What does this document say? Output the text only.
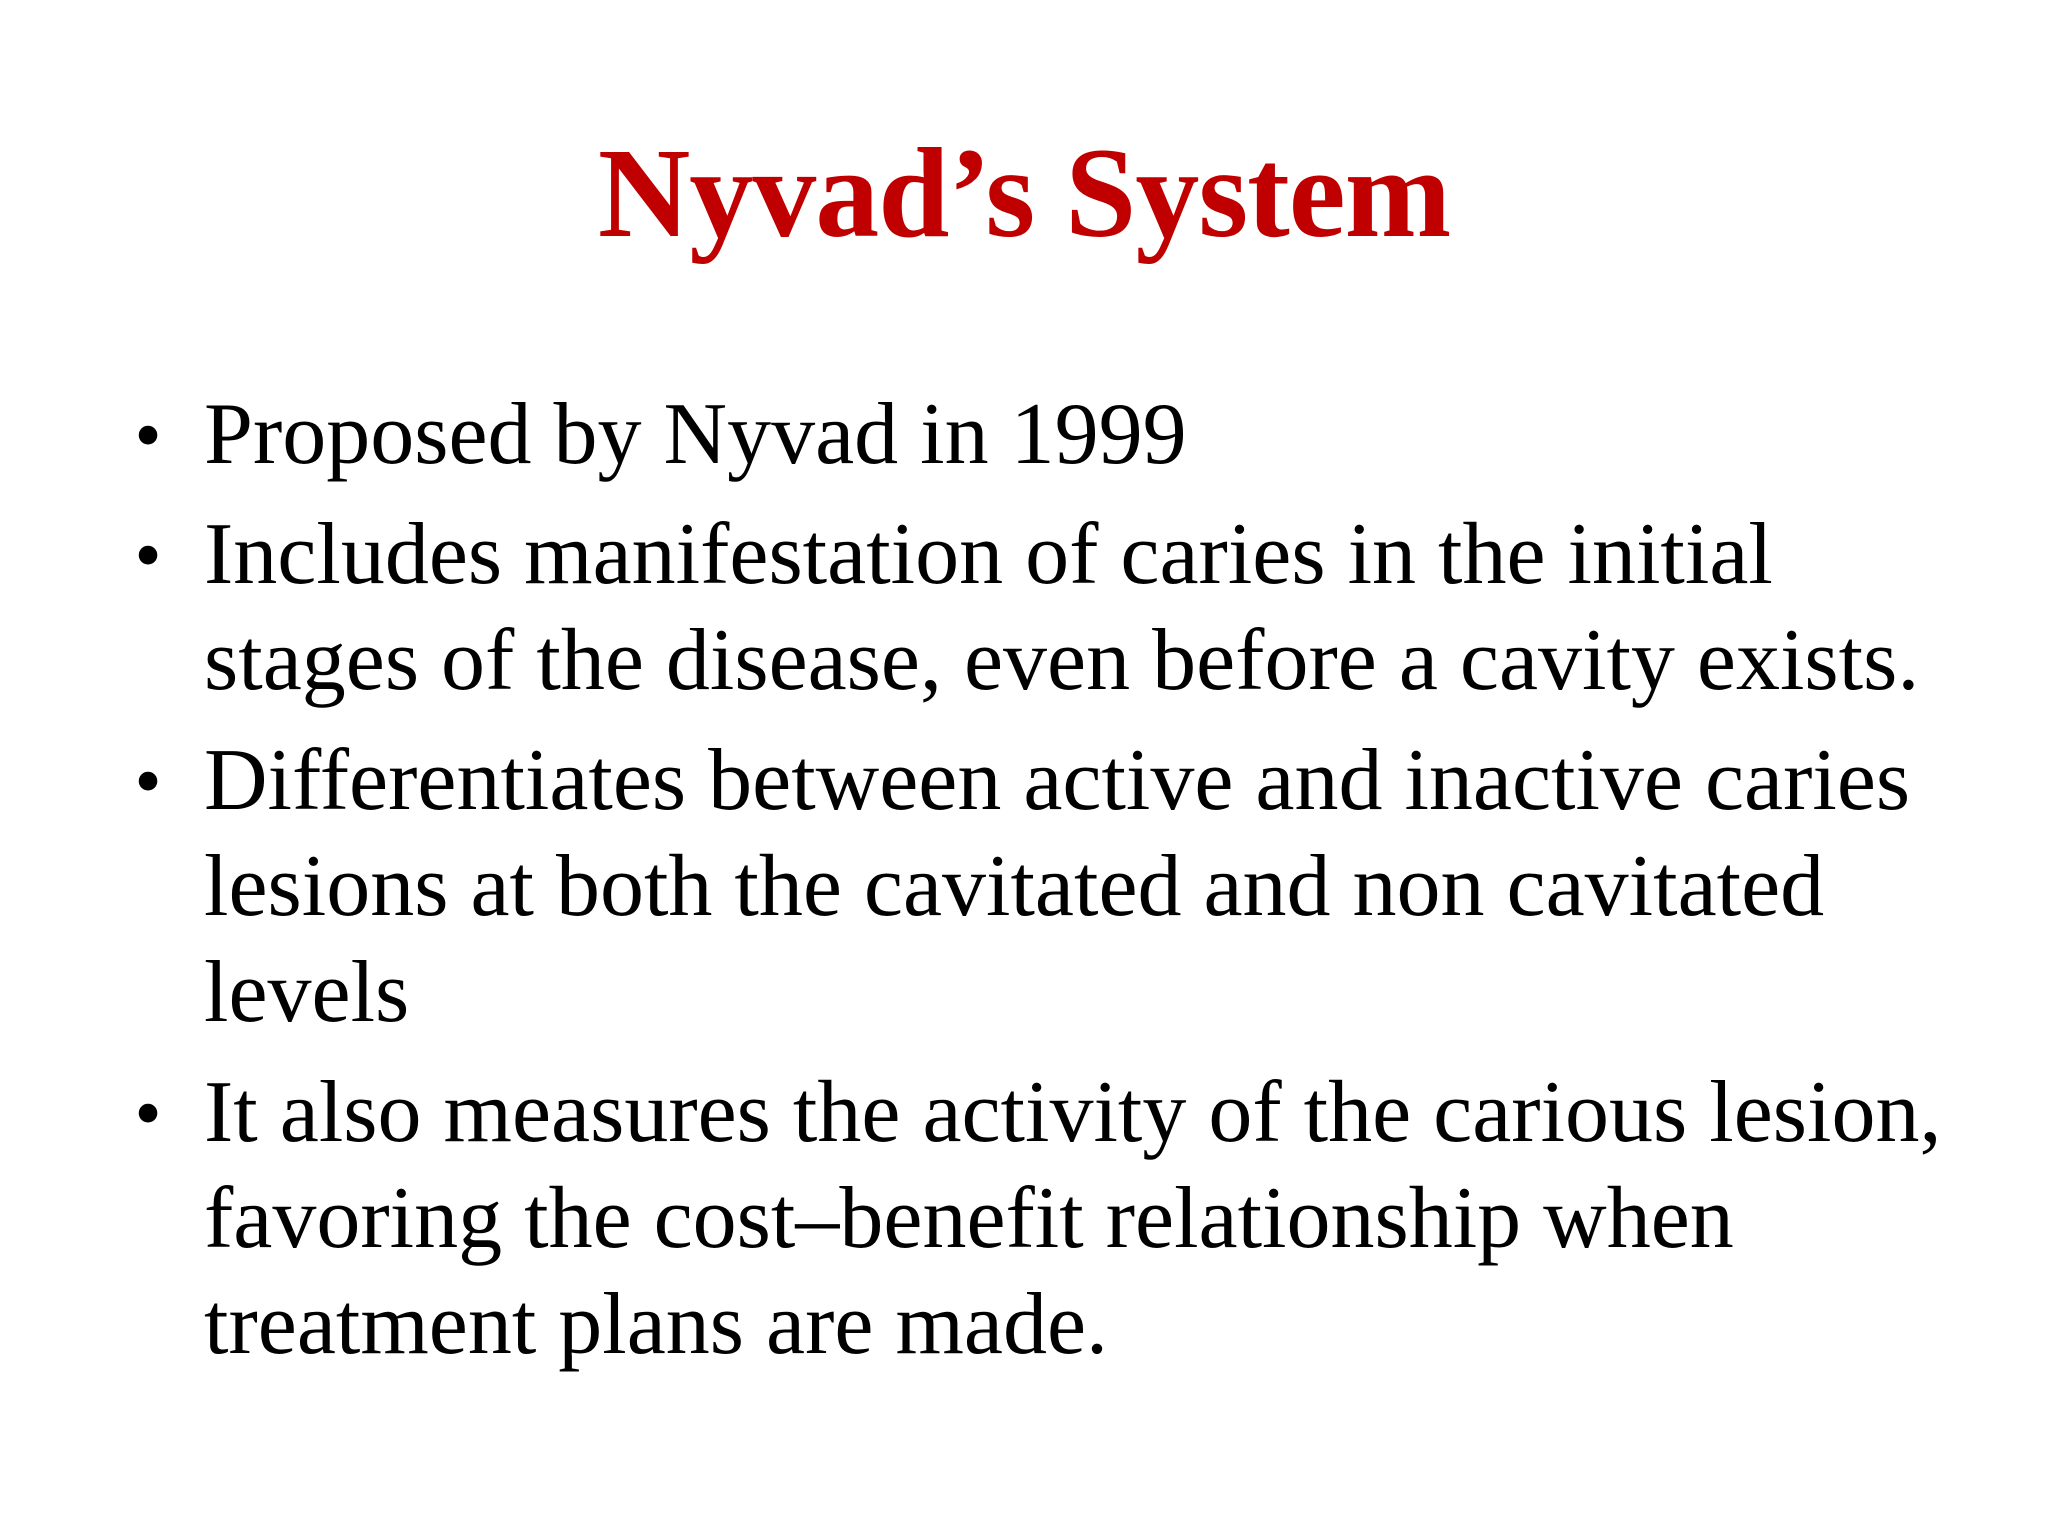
Nyvad’s System
• Proposed by Nyvad in 1999
• Includes manifestation of caries in the initial
stages of the disease, even before a cavity exists.
• Differentiates between active and inactive caries
lesions at both the cavitated and non cavitated
levels
• It also measures the activity of the carious lesion,
favoring the cost–benefit relationship when
treatment plans are made.
